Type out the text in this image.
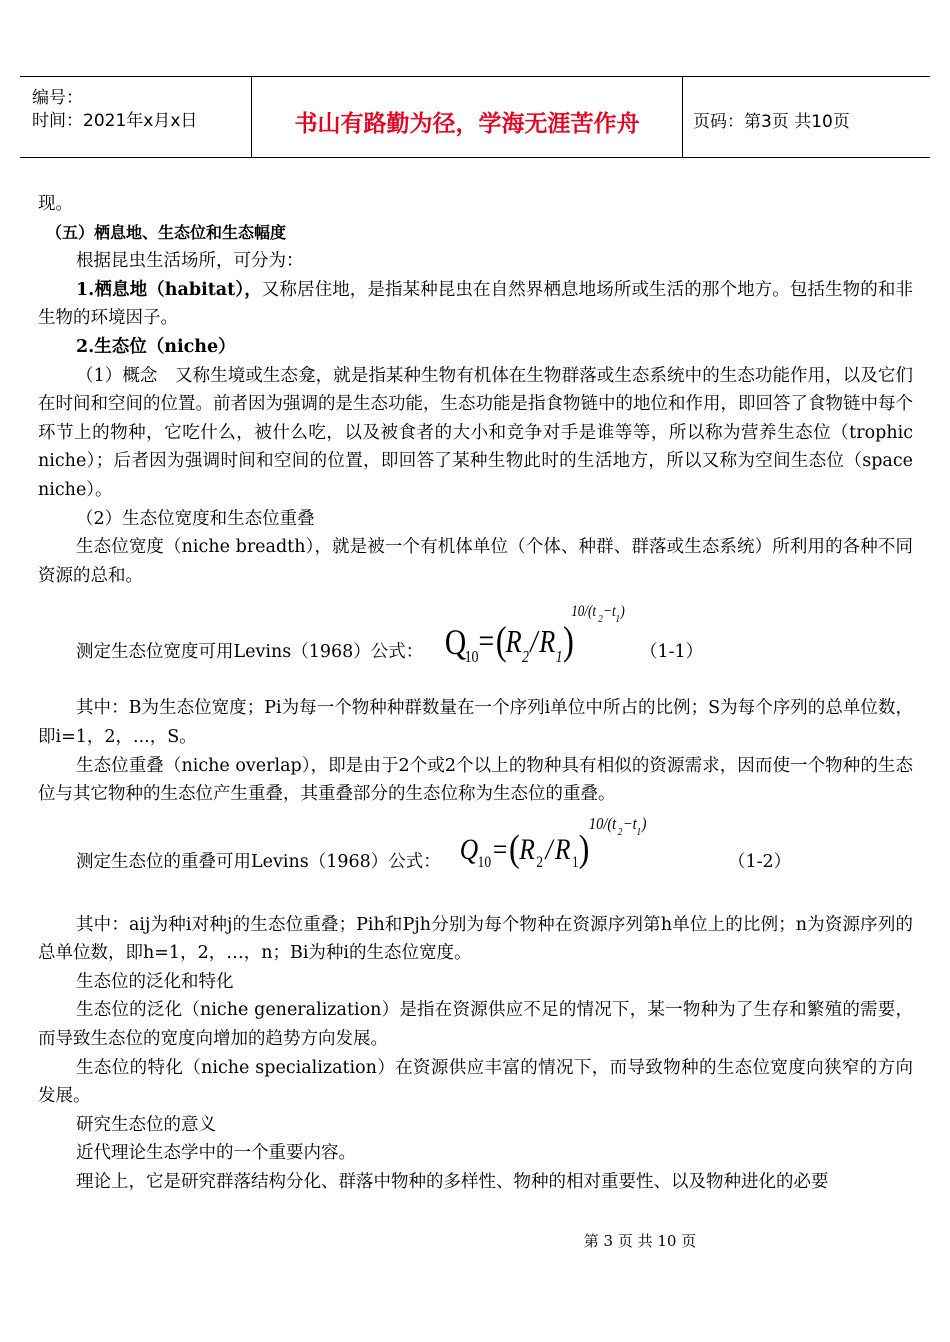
编号：
时间：2021年x月x日	书山有路勤为径，学海无涯苦作舟	页码：第3页 共10页

现。

（五）栖息地、生态位和生态幅度

根据昆虫生活场所，可分为：

1.栖息地（habitat），又称居住地，是指某种昆虫在自然界栖息地场所或生活的那个地方。包括生物的和非生物的环境因子。

2.生态位（niche）

（1）概念　又称生境或生态龛，就是指某种生物有机体在生物群落或生态系统中的生态功能作用，以及它们在时间和空间的位置。前者因为强调的是生态功能，生态功能是指食物链中的地位和作用，即回答了食物链中每个环节上的物种，它吃什么，被什么吃，以及被食者的大小和竞争对手是谁等等，所以称为营养生态位（trophic niche）；后者因为强调时间和空间的位置，即回答了某种生物此时的生活地方，所以又称为空间生态位（space niche）。

（2）生态位宽度和生态位重叠

生态位宽度（niche breadth），就是被一个有机体单位（个体、种群、群落或生态系统）所利用的各种不同资源的总和。

测定生态位宽度可用Levins（1968）公式： Q
10 = (
R 2 / R 1 )
10/(t 2 −t 1 )
（1-1）

其中：B为生态位宽度；Pi为每一个物种种群数量在一个序列i单位中所占的比例；S为每个序列的总单位数，即i=1，2，...，S。

生态位重叠（niche overlap），即是由于2个或2个以上的物种具有相似的资源需求，因而使一个物种的生态位与其它物种的生态位产生重叠，其重叠部分的生态位称为生态位的重叠。

测定生态位的重叠可用Levins（1968）公式： Q 10 = ( R 2 / R 1 )
10/(t 2 −t 1 )
（1-2）

其中：aij为种i对种j的生态位重叠；Pih和Pjh分别为每个物种在资源序列第h单位上的比例；n为资源序列的总单位数，即h=1，2，…，n；Bi为种i的生态位宽度。

生态位的泛化和特化

生态位的泛化（niche generalization）是指在资源供应不足的情况下，某一物种为了生存和繁殖的需要，而导致生态位的宽度向增加的趋势方向发展。

生态位的特化（niche specialization）在资源供应丰富的情况下，而导致物种的生态位宽度向狭窄的方向发展。

研究生态位的意义

近代理论生态学中的一个重要内容。

理论上，它是研究群落结构分化、群落中物种的多样性、物种的相对重要性、以及物种进化的必要

第 3 页 共 10 页
